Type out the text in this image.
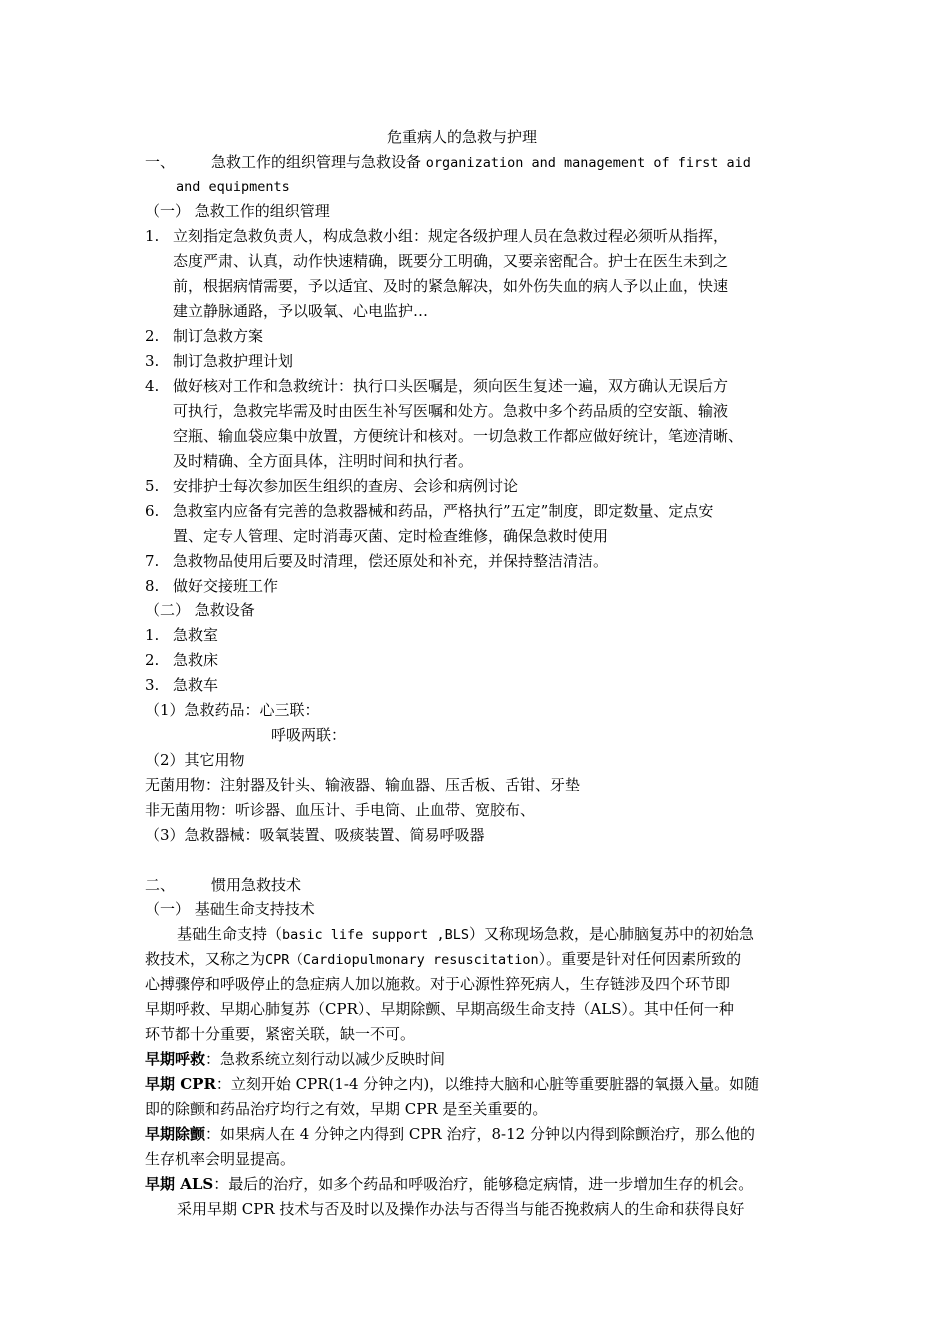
危重病人的急救与护理
一、 急救工作的组织管理与急救设备 organization and management of first aid
and equipments
（一） 急救工作的组织管理
1. 立刻指定急救负责人，构成急救小组：规定各级护理人员在急救过程必须听从指挥，
态度严肃、认真，动作快速精确，既要分工明确，又要亲密配合。护士在医生未到之
前，根据病情需要，予以适宜、及时的紧急解决，如外伤失血的病人予以止血，快速
建立静脉通路，予以吸氧、心电监护…
2. 制订急救方案
3. 制订急救护理计划
4. 做好核对工作和急救统计：执行口头医嘱是，须向医生复述一遍，双方确认无误后方
可执行，急救完毕需及时由医生补写医嘱和处方。急救中多个药品质的空安瓿、输液
空瓶、输血袋应集中放置，方便统计和核对。一切急救工作都应做好统计，笔迹清晰、
及时精确、全方面具体，注明时间和执行者。
5. 安排护士每次参加医生组织的查房、会诊和病例讨论
6. 急救室内应备有完善的急救器械和药品，严格执行”五定”制度，即定数量、定点安
置、定专人管理、定时消毒灭菌、定时检查维修，确保急救时使用
7. 急救物品使用后要及时清理，偿还原处和补充，并保持整洁清洁。
8. 做好交接班工作
（二） 急救设备
1. 急救室
2. 急救床
3. 急救车
（1）急救药品：心三联：
呼吸两联：
（2）其它用物
无菌用物：注射器及针头、输液器、输血器、压舌板、舌钳、牙垫
非无菌用物：听诊器、血压计、手电筒、止血带、宽胶布、
（3）急救器械：吸氧装置、吸痰装置、简易呼吸器
二、 惯用急救技术
（一） 基础生命支持技术
基础生命支持（basic life support ,BLS）又称现场急救，是心肺脑复苏中的初始急
救技术，又称之为CPR（Cardiopulmonary resuscitation）。重要是针对任何因素所致的
心搏骤停和呼吸停止的急症病人加以施救。对于心源性猝死病人，生存链涉及四个环节即
早期呼救、早期心肺复苏（CPR）、早期除颤、早期高级生命支持（ALS）。其中任何一种
环节都十分重要，紧密关联，缺一不可。
早期呼救：急救系统立刻行动以减少反映时间
早期 CPR：立刻开始 CPR(1-4 分钟之内)，以维持大脑和心脏等重要脏器的氧摄入量。如随
即的除颤和药品治疗均行之有效，早期 CPR 是至关重要的。
早期除颤：如果病人在 4 分钟之内得到 CPR 治疗，8-12 分钟以内得到除颤治疗，那么他的
生存机率会明显提高。
早期 ALS：最后的治疗，如多个药品和呼吸治疗，能够稳定病情，进一步增加生存的机会。
采用早期 CPR 技术与否及时以及操作办法与否得当与能否挽救病人的生命和获得良好
